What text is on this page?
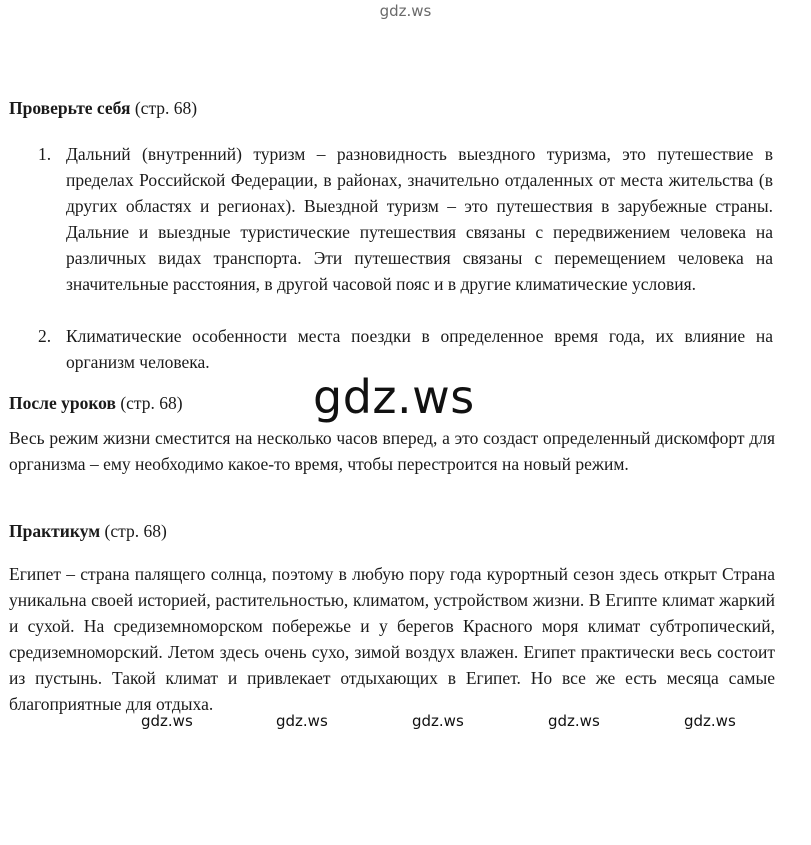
gdz.ws
Проверьте себя (стр. 68)
1. Дальний (внутренний) туризм – разновидность выездного туризма, это путешествие в пределах Российской Федерации, в районах, значительно отдаленных от места жительства (в других областях и регионах). Выездной туризм – это путешествия в зарубежные страны. Дальние и выездные туристические путешествия связаны с передвижением человека на различных видах транспорта. Эти путешествия связаны с перемещением человека на значительные расстояния, в другой часовой пояс и в другие климатические условия.

2. Климатические особенности места поездки в определенное время года, их влияние на организм человека.

После уроков (стр. 68)

Весь режим жизни сместится на несколько часов вперед, а это создаст определенный дискомфорт для организма – ему необходимо какое-то время, чтобы перестроится на новый режим.

Практикум (стр. 68)

Египет – страна палящего солнца, поэтому в любую пору года курортный сезон здесь открыт Страна уникальна своей историей, растительностью, климатом, устройством жизни. В Египте климат жаркий и сухой. На средиземноморском побережье и у берегов Красного моря климат субтропический, средиземноморский. Летом здесь очень сухо, зимой воздух влажен. Египет практически весь состоит из пустынь. Такой климат и привлекает отдыхающих в Египет. Но все же есть месяца самые благоприятные для отдыха.

gdz.ws
gdz.ws	gdz.ws	gdz.ws	gdz.ws	gdz.ws
